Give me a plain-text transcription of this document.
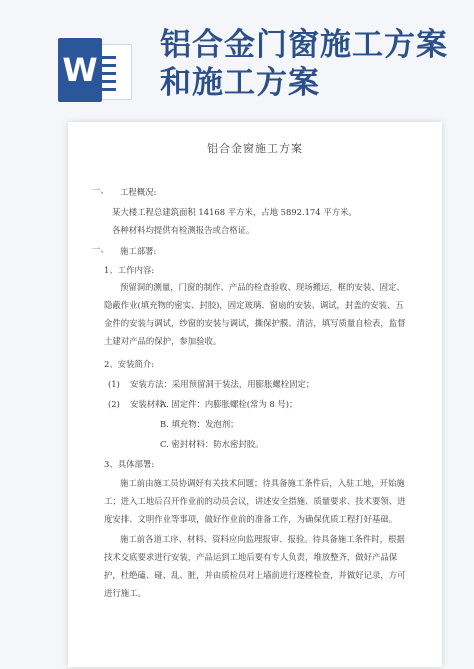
W
铝合金门窗施工方案和施工方案
铝合金窗施工方案
一、 工程概况:
某大楼工程总建筑面积 14168 平方米，占地 5892.174 平方米。
各种材料均提供有检测报告或合格证。
一、 施工部署:
1、工作内容:
预留洞的测量，门窗的制作、产品的检查验收、现场搬运，框的安装、固定、隐蔽作业(填充物的密实、封胶)，固定玻璃、窗扇的安装、调试，封盖的安装、五金件的安装与调试，纱窗的安装与调试，撕保护膜、清洁，填写质量自检表，监督土建对产品的保护，参加验收。
2、安装简介:
(1) 安装方法：采用预留洞干装法，用膨胀螺栓固定；
(2) 安装材料：
A. 固定件：内膨胀螺栓(常为 8 号)；
B. 填充物：发泡剂；
C. 密封材料：防水密封胶。
3、具体部署:
施工前由施工员协调好有关技术问题；待具备施工条件后，入驻工地，开始施工；进入工地后召开作业前的动员会议，讲述安全措施、质量要求、技术要领、进度安排、文明作业等事项，做好作业前的准备工作，为确保优质工程打好基础。
施工前各道工序、材料、资料应向监理报审、报验。待具备施工条件时，根据技术交底要求进行安装，产品运到工地后要有专人负责，堆放整齐，做好产品保护，杜绝磕、碰、乱、脏，并由质检员对上墙前进行逐樘检查，并做好记录，方可进行施工。
